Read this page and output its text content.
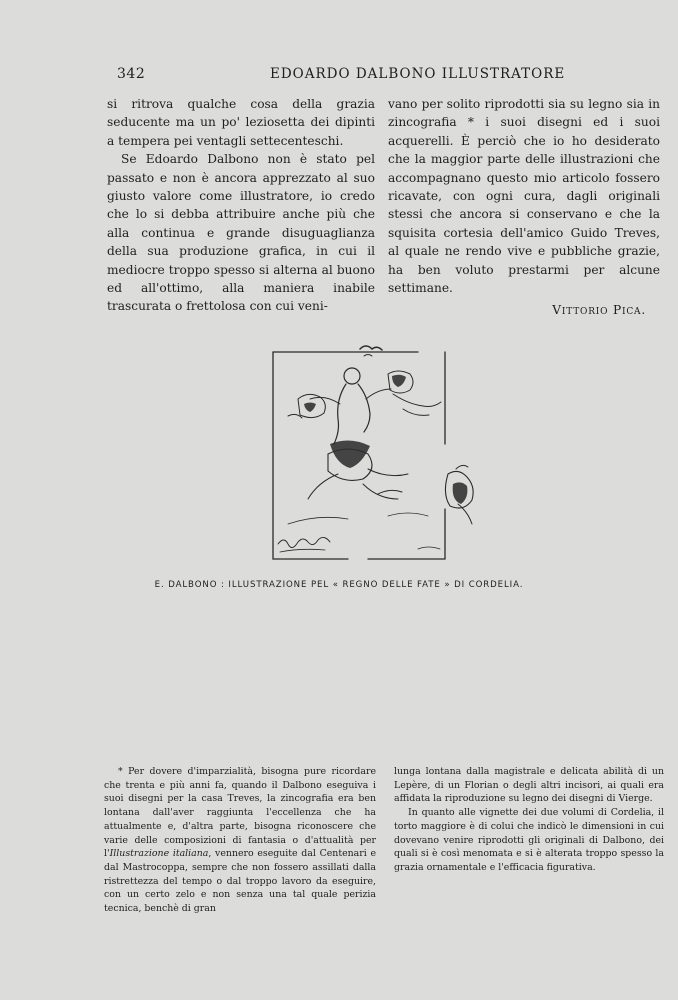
342	EDOARDO DALBONO ILLUSTRATORE

si ritrova qualche cosa della grazia seducente ma un po' leziosetta dei dipinti a tempera pei ventagli settecenteschi.

Se Edoardo Dalbono non è stato pel passato e non è ancora apprezzato al suo giusto valore come illustratore, io credo che lo si debba attribuire anche più che alla continua e grande disuguaglianza della sua produzione grafica, in cui il mediocre troppo spesso si alterna al buono ed all'ottimo, alla maniera inabile trascurata o frettolosa con cui veni-

vano per solito riprodotti sia su legno sia in zincografia * i suoi disegni ed i suoi acquerelli. È perciò che io ho desiderato che la maggior parte delle illustrazioni che accompagnano questo mio articolo fossero ricavate, con ogni cura, dagli originali stessi che ancora si conservano e che la squisita cortesia dell'amico Guido Treves, al quale ne rendo vive e pubbliche grazie, ha ben voluto prestarmi per alcune settimane.

Vittorio Pica.
E. DALBONO : ILLUSTRAZIONE PEL « REGNO DELLE FATE » DI CORDELIA.

* Per dovere d'imparzialità, bisogna pure ricordare che trenta e più anni fa, quando il Dalbono eseguiva i suoi disegni per la casa Treves, la zincografia era ben lontana dall'aver raggiunta l'eccellenza che ha attualmente e, d'altra parte, bisogna riconoscere che varie delle composizioni di fantasia o d'attualità per l'Illustrazione italiana, vennero eseguite dal Centenari e dal Mastrocoppa, sempre che non fossero assillati dalla ristrettezza del tempo o dal troppo lavoro da eseguire, con un certo zelo e non senza una tal quale perizia tecnica, benchè di gran

lunga lontana dalla magistrale e delicata abilità di un Lepère, di un Florian o degli altri incisori, ai quali era affidata la riproduzione su legno dei disegni di Vierge.

In quanto alle vignette dei due volumi di Cordelia, il torto maggiore è di colui che indicò le dimensioni in cui dovevano venire riprodotti gli originali di Dalbono, dei quali si è così menomata e si è alterata troppo spesso la grazia ornamentale e l'efficacia figurativa.
